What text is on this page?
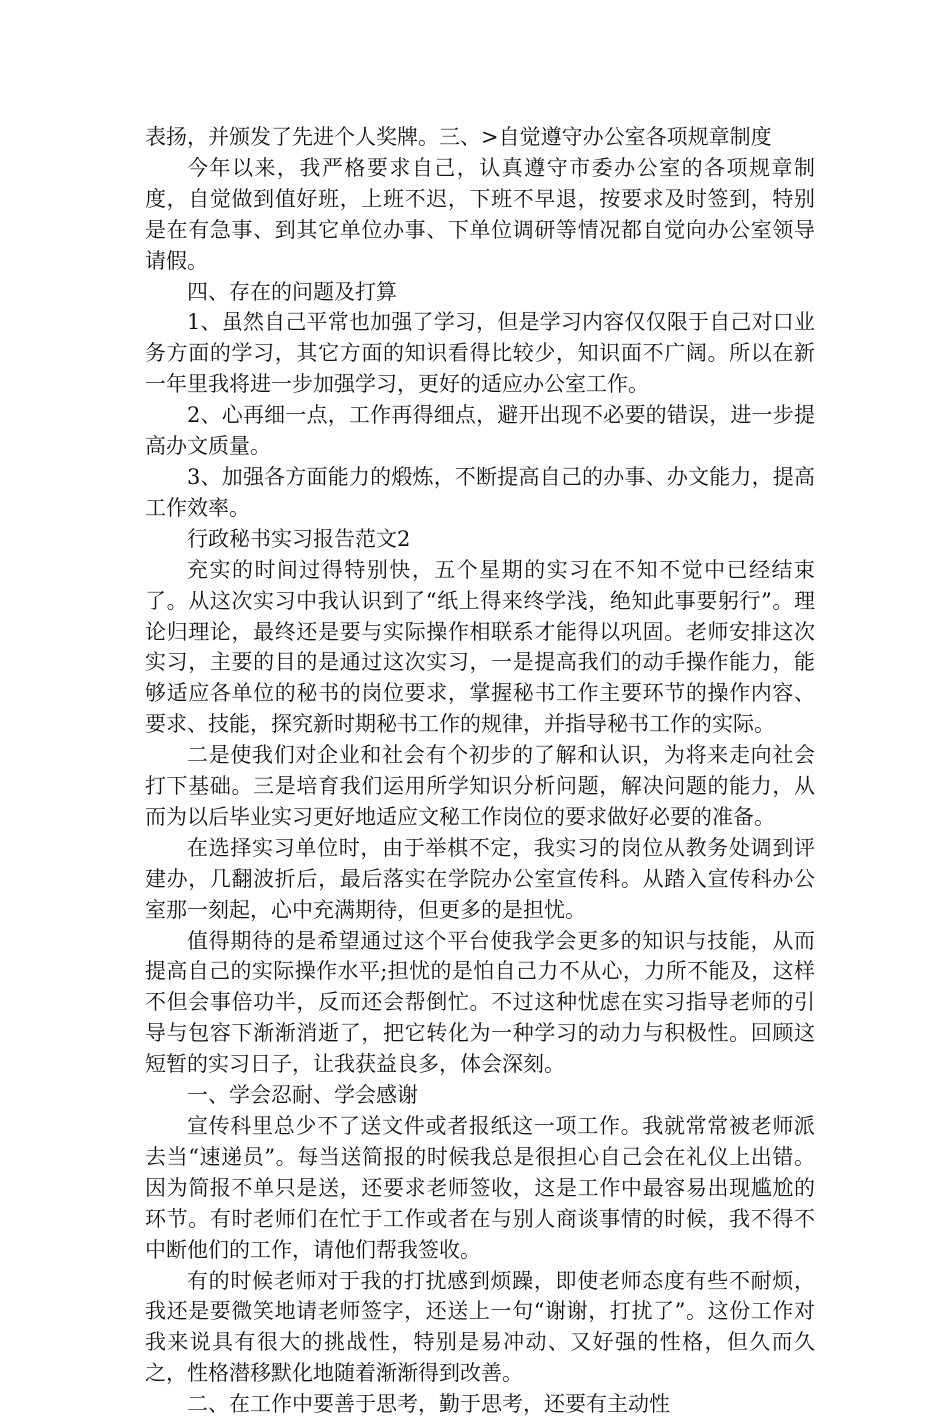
表扬，并颁发了先进个人奖牌。三、>自觉遵守办公室各项规章制度

今年以来，我严格要求自己，认真遵守市委办公室的各项规章制度，自觉做到值好班，上班不迟，下班不早退，按要求及时签到，特别是在有急事、到其它单位办事、下单位调研等情况都自觉向办公室领导请假。

四、存在的问题及打算

1、虽然自己平常也加强了学习，但是学习内容仅仅限于自己对口业务方面的学习，其它方面的知识看得比较少，知识面不广阔。所以在新一年里我将进一步加强学习，更好的适应办公室工作。

2、心再细一点，工作再得细点，避开出现不必要的错误，进一步提高办文质量。

3、加强各方面能力的煅炼，不断提高自己的办事、办文能力，提高工作效率。

行政秘书实习报告范文2

充实的时间过得特别快，五个星期的实习在不知不觉中已经结束了。从这次实习中我认识到了“纸上得来终学浅，绝知此事要躬行”。理论归理论，最终还是要与实际操作相联系才能得以巩固。老师安排这次实习，主要的目的是通过这次实习，一是提高我们的动手操作能力，能够适应各单位的秘书的岗位要求，掌握秘书工作主要环节的操作内容、要求、技能，探究新时期秘书工作的规律，并指导秘书工作的实际。

二是使我们对企业和社会有个初步的了解和认识，为将来走向社会打下基础。三是培育我们运用所学知识分析问题，解决问题的能力，从而为以后毕业实习更好地适应文秘工作岗位的要求做好必要的准备。

在选择实习单位时，由于举棋不定，我实习的岗位从教务处调到评建办，几翻波折后，最后落实在学院办公室宣传科。从踏入宣传科办公室那一刻起，心中充满期待，但更多的是担忧。

值得期待的是希望通过这个平台使我学会更多的知识与技能，从而提高自己的实际操作水平;担忧的是怕自己力不从心，力所不能及，这样不但会事倍功半，反而还会帮倒忙。不过这种忧虑在实习指导老师的引导与包容下渐渐消逝了，把它转化为一种学习的动力与积极性。回顾这短暂的实习日子，让我获益良多，体会深刻。

一、学会忍耐、学会感谢

宣传科里总少不了送文件或者报纸这一项工作。我就常常被老师派去当“速递员”。每当送简报的时候我总是很担心自己会在礼仪上出错。因为简报不单只是送，还要求老师签收，这是工作中最容易出现尴尬的环节。有时老师们在忙于工作或者在与别人商谈事情的时候，我不得不中断他们的工作，请他们帮我签收。

有的时候老师对于我的打扰感到烦躁，即使老师态度有些不耐烦，我还是要微笑地请老师签字，还送上一句“谢谢，打扰了”。这份工作对我来说具有很大的挑战性，特别是易冲动、又好强的性格，但久而久之，性格潜移默化地随着渐渐得到改善。

二、在工作中要善于思考，勤于思考，还要有主动性
